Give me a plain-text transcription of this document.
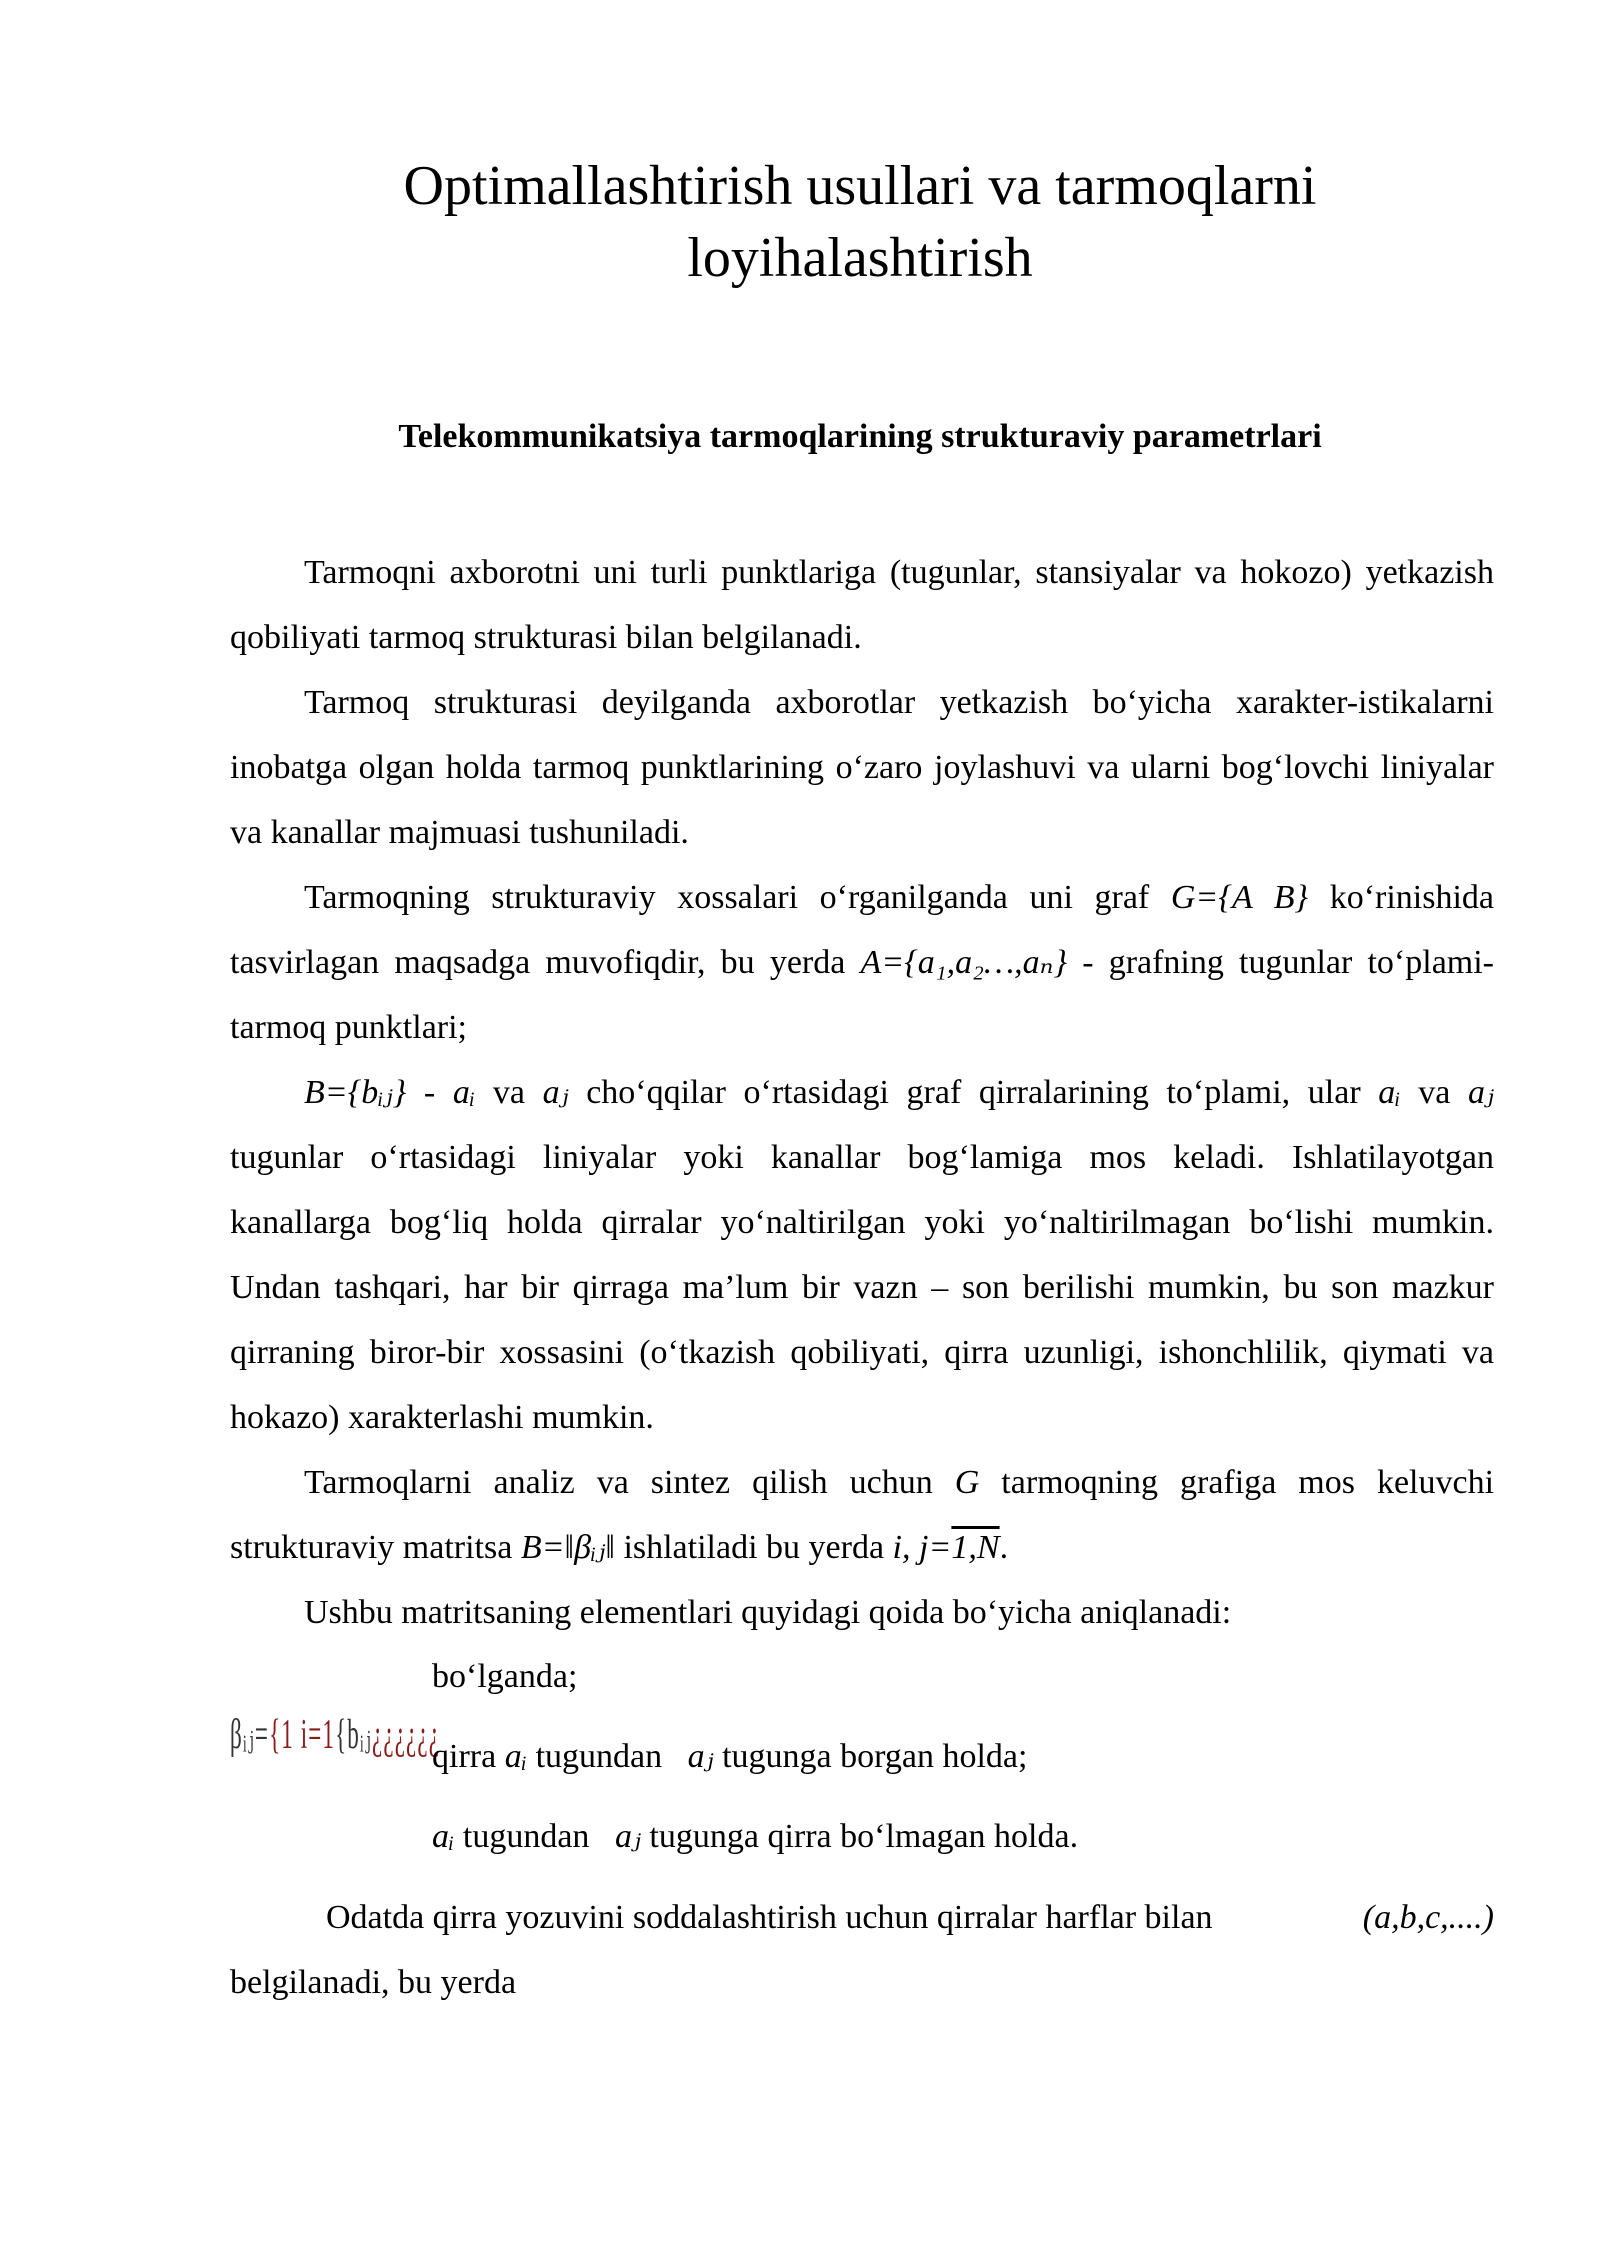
Optimallashtirish usullari va tarmoqlarni loyihalashtirish
Telekommunikatsiya tarmoqlarining strukturaviy parametrlari

Tarmoqni axborotni uni turli punktlariga (tugunlar, stansiyalar va hokozo) yetkazish qobiliyati tarmoq strukturasi bilan belgilanadi.

Tarmoq strukturasi deyilganda axborotlar yetkazish bo‘yicha xarakter-istikalarni inobatga olgan holda tarmoq punktlarining o‘zaro joylashuvi va ularni bog‘lovchi liniyalar va kanallar majmuasi tushuniladi.

Tarmoqning strukturaviy xossalari o‘rganilganda uni graf G={A B} ko‘rinishida tasvirlagan maqsadga muvofiqdir, bu yerda A={a₁,a₂…,aₙ} - grafning tugunlar to‘plami-tarmoq punktlari;

B={bᵢⱼ} - aᵢ va aⱼ cho‘qqilar o‘rtasidagi graf qirralarining to‘plami, ular aᵢ va aⱼ tugunlar o‘rtasidagi liniyalar yoki kanallar bog‘lamiga mos keladi. Ishlatilayotgan kanallarga bog‘liq holda qirralar yo‘naltirilgan yoki yo‘naltirilmagan bo‘lishi mumkin. Undan tashqari, har bir qirraga ma’lum bir vazn – son berilishi mumkin, bu son mazkur qirraning biror-bir xossasini (o‘tkazish qobiliyati, qirra uzunligi, ishonchlilik, qiymati va hokazo) xarakterlashi mumkin.

Tarmoqlarni analiz va sintez qilish uchun G tarmoqning grafiga mos keluvchi strukturaviy matritsa B=‖βᵢⱼ‖ ishlatiladi bu yerda i, j=1,N.

Ushbu matritsaning elementlari quyidagi qoida bo‘yicha aniqlanadi:

bo‘lganda;
βᵢⱼ={1 i=1{bᵢⱼ¿¿¿¿¿¿
qirra aᵢ tugundan aⱼ tugunga borgan holda;
aᵢ tugundan aⱼ tugunga qirra bo‘lmagan holda.

Odatda qirra yozuvini soddalashtirish uchun qirralar harflar bilan	(a,b,c,....)

belgilanadi, bu yerda
